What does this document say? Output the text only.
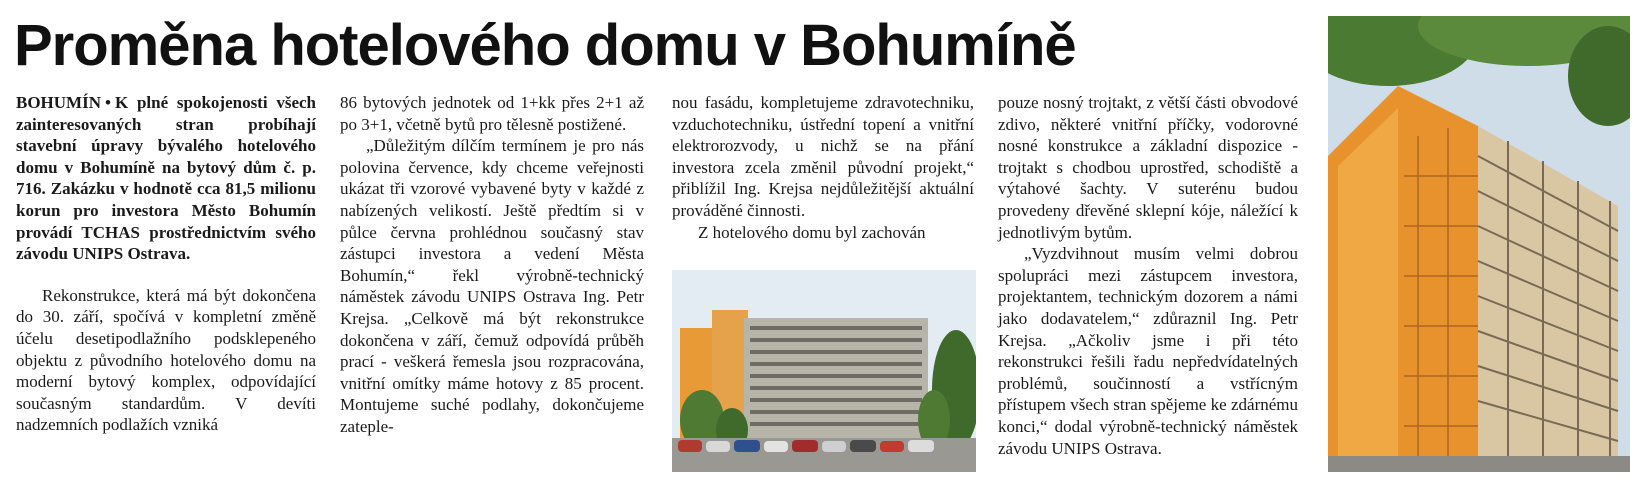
Proměna hotelového domu v Bohumíně

BOHUMÍN • K plné spokojenosti všech zainteresovaných stran probíhají stavební úpravy bývalého hotelového domu v Bohumíně na bytový dům č. p. 716. Zakázku v hodnotě cca 81,5 milionu korun pro investora Město Bohumín provádí TCHAS prostřednictvím svého závodu UNIPS Ostrava.

Rekonstrukce, která má být dokončena do 30. září, spočívá v kompletní změně účelu desetipodlažního podsklepeného objektu z původního hotelového domu na moderní bytový komplex, odpovídající současným standardům. V devíti nadzemních podlažích vzniká

86 bytových jednotek od 1+kk přes 2+1 až po 3+1, včetně bytů pro tělesně postižené.

„Důležitým dílčím termínem je pro nás polovina července, kdy chceme veřejnosti ukázat tři vzorové vybavené byty v každé z nabízených velikostí. Ještě předtím si v půlce června prohlédnou současný stav zástupci investora a vedení Města Bohumín,“ řekl výrobně-technický náměstek závodu UNIPS Ostrava Ing. Petr Krejsa. „Celkově má být rekonstrukce dokončena v září, čemuž odpovídá průběh prací - veškerá řemesla jsou rozpracována, vnitřní omítky máme hotovy z 85 procent. Montujeme suché podlahy, dokončujeme zateple-

nou fasádu, kompletujeme zdravotechniku, vzduchotechniku, ústřední topení a vnitřní elektrorozvody, u nichž se na přání investora zcela změnil původní projekt,“ přiblížil Ing. Krejsa nejdůležitější aktuální prováděné činnosti.

Z hotelového domu byl zachován

pouze nosný trojtakt, z větší části obvodové zdivo, některé vnitřní příčky, vodorovné nosné konstrukce a základní dispozice - trojtakt s chodbou uprostřed, schodiště a výtahové šachty. V suterénu budou provedeny dřevěné sklepní kóje, náležící k jednotlivým bytům.

„Vyzdvihnout musím velmi dobrou spolupráci mezi zástupcem investora, projektantem, technickým dozorem a námi jako dodavatelem,“ zdůraznil Ing. Petr Krejsa. „Ačkoliv jsme i při této rekonstrukci řešili řadu nepředvídatelných problémů, součinností a vstřícným přístupem všech stran spějeme ke zdárnému konci,“ dodal výrobně-technický náměstek závodu UNIPS Ostrava.
